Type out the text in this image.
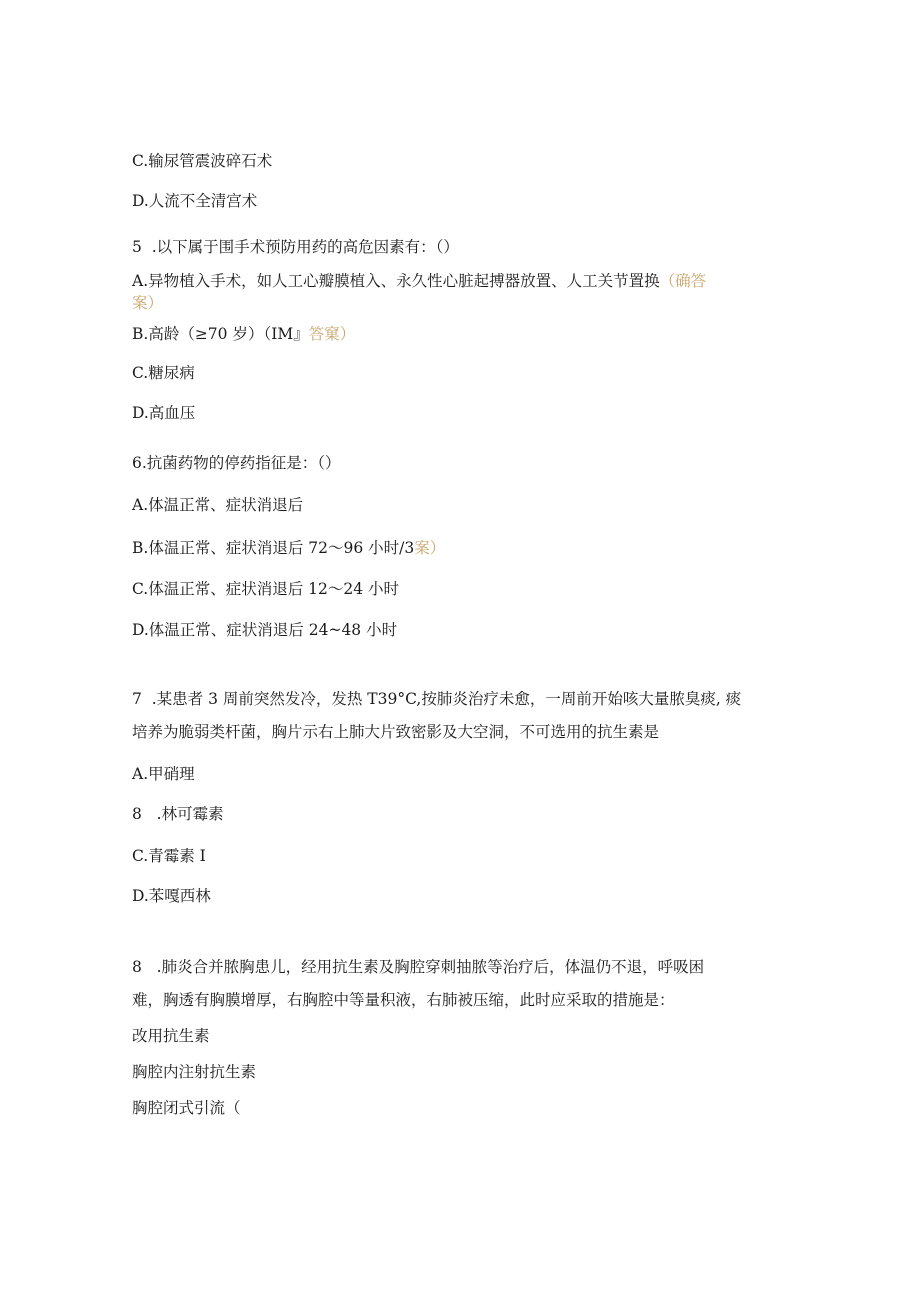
C.输尿管震波碎石术
D.人流不全清宫术
5  .以下属于围手术预防用药的高危因素有：（）
A.异物植入手术，如人工心瓣膜植入、永久性心脏起搏器放置、人工关节置换（确答
案）
B.高龄（≥70 岁）（IM』答窠）
C.糖尿病
D.高血压
6.抗菌药物的停药指征是：（）
A.体温正常、症状消退后
B.体温正常、症状消退后 72～96 小时/3案）
C.体温正常、症状消退后 12～24 小时
D.体温正常、症状消退后 24~48 小时
7  .某患者 3 周前突然发冷，发热 T39°C,按肺炎治疗未愈，一周前开始咳大量脓臭痰, 痰
培养为脆弱类杆菌，胸片示右上肺大片致密影及大空洞，不可选用的抗生素是
A.甲硝理
8   .林可霉素
C.青霉素 I
D.苯嘎西林
8   .肺炎合并脓胸患儿，经用抗生素及胸腔穿刺抽脓等治疗后，体温仍不退，呼吸困
难，胸透有胸膜增厚，右胸腔中等量积液，右肺被压缩，此时应采取的措施是：
改用抗生素
胸腔内注射抗生素
胸腔闭式引流（
